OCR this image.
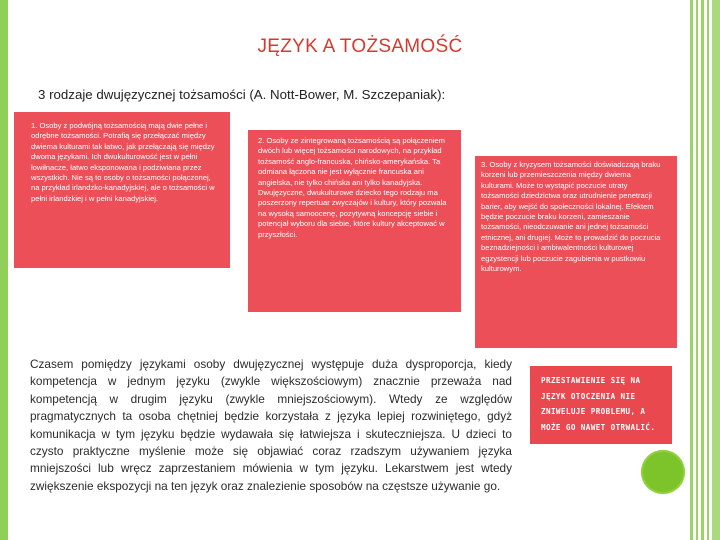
JĘZYK A TOŻSAMOŚĆ
3 rodzaje dwujęzycznej tożsamości (A. Nott-Bower, M. Szczepaniak):
1. Osoby z podwójną tożsamością mają dwie pełne i odrębne tożsamości. Potrafią się przełączać między dwiema kulturami tak łatwo, jak przełączają się między dwoma językami. Ich dwukulturowość jest w pełni łowiłnacze, łatwo eksponowana i podziwiana przez wszystkich. Nie są to osoby o tożsamości połączonej, na przykład irlandzko-kanadyjskiej, ale o tożsamości w pełni irlandzkiej i w pełni kanadyjskiej.
2. Osoby ze zintegrowaną tożsamością są połączeniem dwóch lub więcej tożsamości narodowych, na przykład tożsamość anglo-francuska, chińsko-amerykańska. Ta odmiana łączona nie jest wyłącznie francuska ani angielska, nie tylko chińska ani tylko kanadyjska. Dwujęzyczne, dwukulturowe dziecko tego rodzaju ma poszerzony repertuar zwyczajów i kultury, który pozwala na wysoką samoocenę, pozytywną koncepcję siebie i potencjał wyboru dla siebie, które kultury akceptować w przyszłości.
3. Osoby z kryzysem tożsamości doświadczają braku korzeni lub przemieszczenia między dwiema kulturami. Może to wystąpić poczucie utraty tożsamości dziedzictwa oraz utrudnienie penetracji barier, aby wejść do społeczności lokalnej. Efektem będzie poczucie braku korzeni, zamieszanie tożsamości, nieodczuwanie ani jednej tożsamości etnicznej, ani drugiej. Może to prowadzić do poczucia beznadziejności i ambiwalentności kulturowej egzystencji lub poczucie zagubienia w pustkowiu kulturowym.
Czasem pomiędzy językami osoby dwujęzycznej występuje duża dysproporcja, kiedy kompetencja w jednym języku (zwykle większościowym) znacznie przeważa nad kompetencją w drugim języku (zwykle mniejszościowym). Wtedy ze względów pragmatycznych ta osoba chętniej będzie korzystała z języka lepiej rozwiniętego, gdyż komunikacja w tym języku będzie wydawała się łatwiejsza i skuteczniejsza. U dzieci to czysto praktyczne myślenie może się objawiać coraz rzadszym używaniem języka mniejszości lub wręcz zaprzestaniem mówienia w tym języku. Lekarstwem jest wtedy zwiększenie ekspozycji na ten język oraz znalezienie sposobów na częstsze używanie go.
PRZESTAWIENIE SIĘ NA JĘZYK OTOCZENIA NIE ZNIWELUJE PROBLEMU, A MOŻE GO NAWET OTRWALIĆ.
